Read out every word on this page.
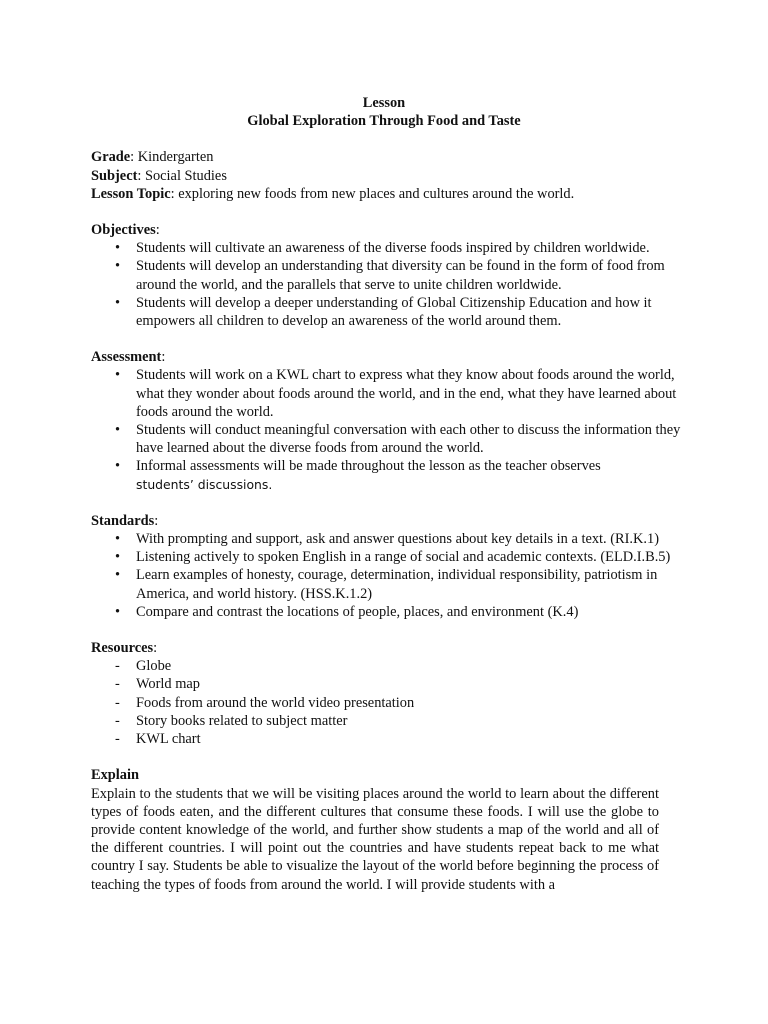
Lesson
Global Exploration Through Food and Taste
Grade: Kindergarten
Subject: Social Studies
Lesson Topic: exploring new foods from new places and cultures around the world.
Objectives:
• Students will cultivate an awareness of the diverse foods inspired by children worldwide.
• Students will develop an understanding that diversity can be found in the form of food from around the world, and the parallels that serve to unite children worldwide.
• Students will develop a deeper understanding of Global Citizenship Education and how it empowers all children to develop an awareness of the world around them.
Assessment:
• Students will work on a KWL chart to express what they know about foods around the world, what they wonder about foods around the world, and in the end, what they have learned about foods around the world.
• Students will conduct meaningful conversation with each other to discuss the information they have learned about the diverse foods from around the world.
• Informal assessments will be made throughout the lesson as the teacher observes
students’ discussions.
Standards:
• With prompting and support, ask and answer questions about key details in a text. (RI.K.1)
• Listening actively to spoken English in a range of social and academic contexts. (ELD.I.B.5)
• Learn examples of honesty, courage, determination, individual responsibility, patriotism in America, and world history. (HSS.K.1.2)
• Compare and contrast the locations of people, places, and environment (K.4)
Resources:
- Globe
- World map
- Foods from around the world video presentation
- Story books related to subject matter
- KWL chart
Explain
Explain to the students that we will be visiting places around the world to learn about the different types of foods eaten, and the different cultures that consume these foods. I will use the globe to provide content knowledge of the world, and further show students a map of the world and all of the different countries. I will point out the countries and have students repeat back to me what country I say. Students be able to visualize the layout of the world before beginning the process of teaching the types of foods from around the world. I will provide students with a
